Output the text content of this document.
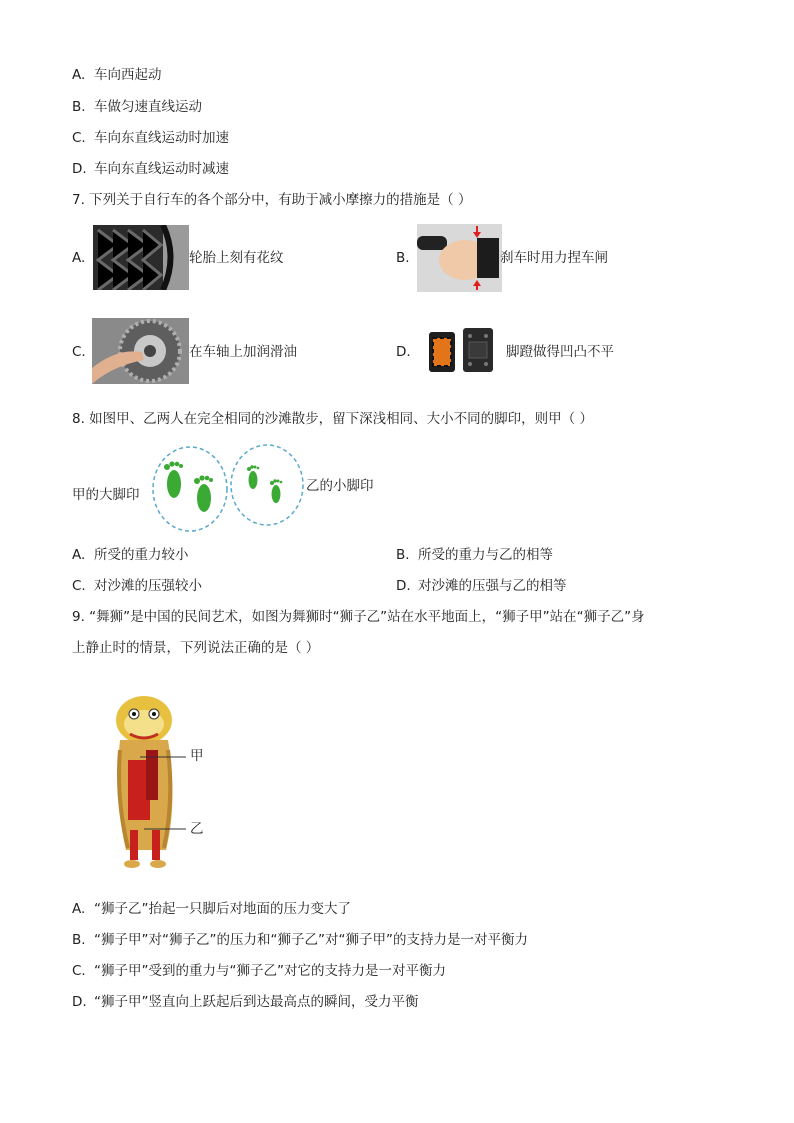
A. 车向西起动
B. 车做匀速直线运动
C. 车向东直线运动时加速
D. 车向东直线运动时减速
7. 下列关于自行车的各个部分中，有助于减小摩擦力的措施是（ ）
A.	轮胎上刻有花纹	B.	刹车时用力捏车闸
C.	在车轴上加润滑油	D.	脚蹬做得凹凸不平
8. 如图甲、乙两人在完全相同的沙滩散步，留下深浅相同、大小不同的脚印，则甲（ ）
甲的大脚印
乙的小脚印
A. 所受的重力较小	B. 所受的重力与乙的相等
C. 对沙滩的压强较小	D. 对沙滩的压强与乙的相等
9. “舞狮”是中国的民间艺术，如图为舞狮时“狮子乙”站在水平地面上，“狮子甲”站在“狮子乙”身
上静止时的情景，下列说法正确的是（ ）
甲
乙
A. “狮子乙”抬起一只脚后对地面的压力变大了
B. “狮子甲”对“狮子乙”的压力和“狮子乙”对“狮子甲”的支持力是一对平衡力
C. “狮子甲”受到的重力与“狮子乙”对它的支持力是一对平衡力
D. “狮子甲”竖直向上跃起后到达最高点的瞬间，受力平衡
